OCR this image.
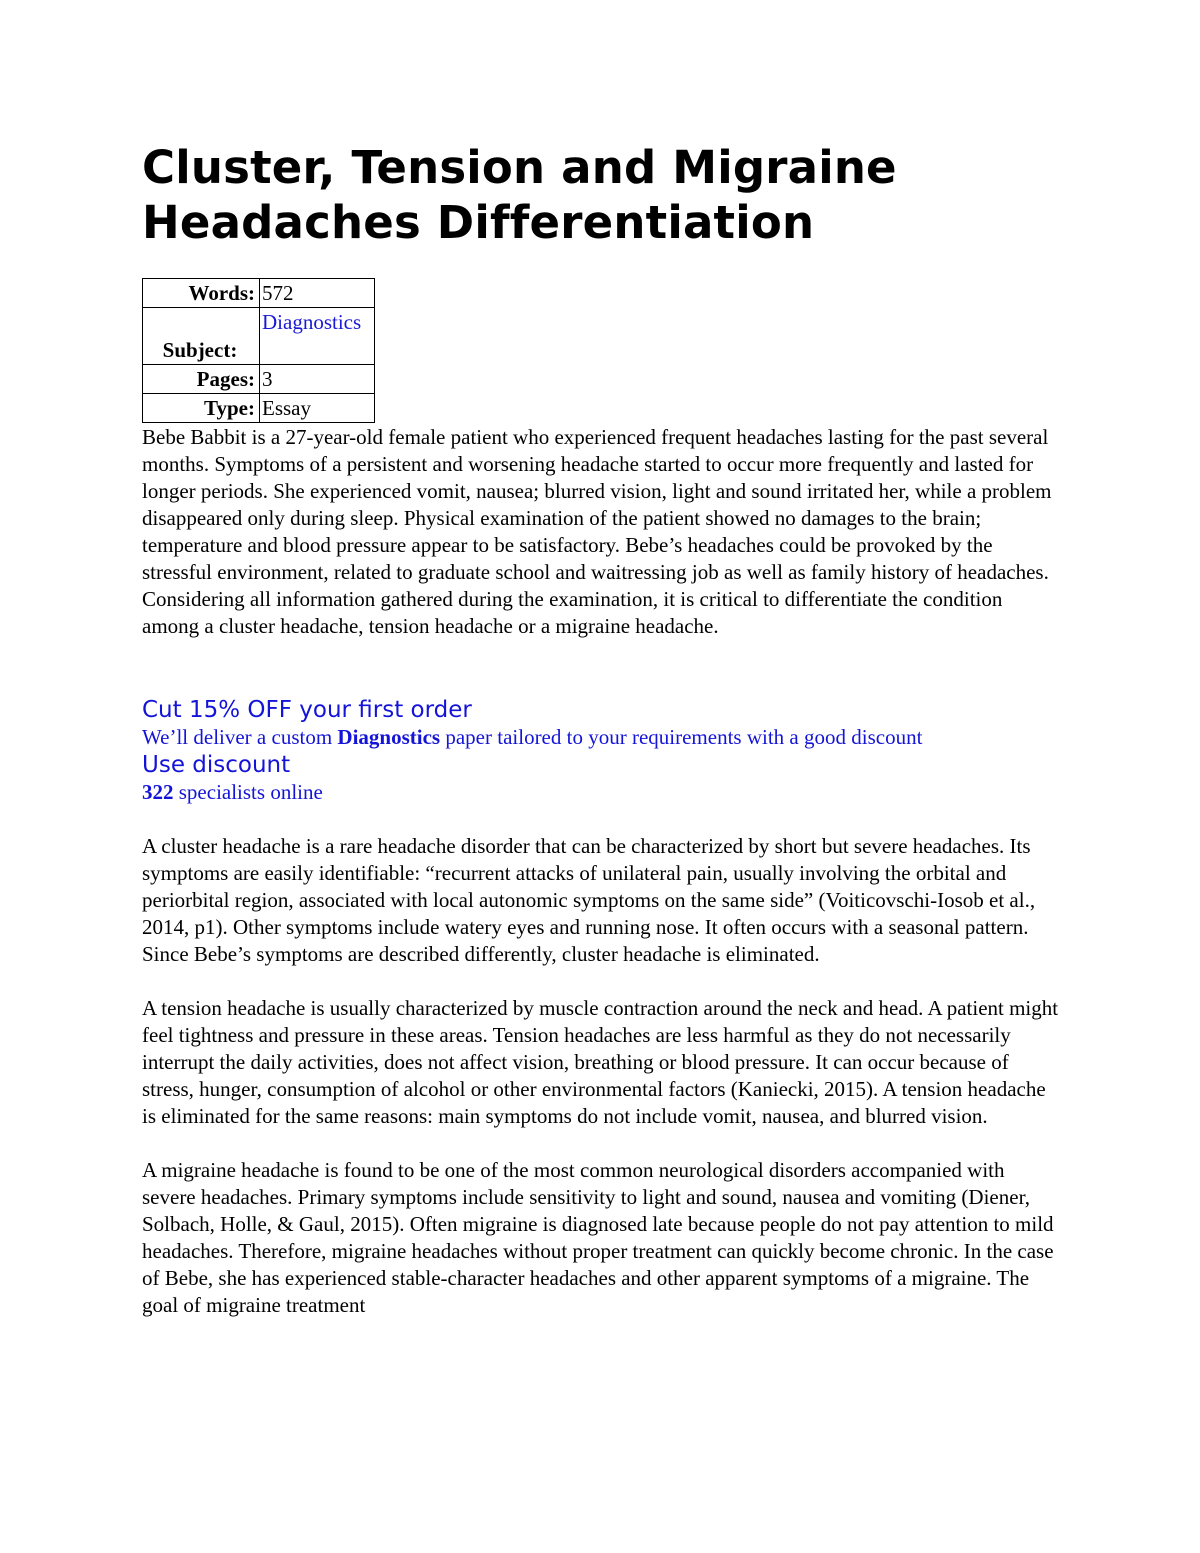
Cluster, Tension and Migraine Headaches Differentiation
Words:	572
Subject:	Diagnostics
Pages:	3
Type:	Essay

Bebe Babbit is a 27-year-old female patient who experienced frequent headaches lasting for the past several months. Symptoms of a persistent and worsening headache started to occur more frequently and lasted for longer periods. She experienced vomit, nausea; blurred vision, light and sound irritated her, while a problem disappeared only during sleep. Physical examination of the patient showed no damages to the brain; temperature and blood pressure appear to be satisfactory. Bebe’s headaches could be provoked by the stressful environment, related to graduate school and waitressing job as well as family history of headaches. Considering all information gathered during the examination, it is critical to differentiate the condition among a cluster headache, tension headache or a migraine headache.

Cut 15% OFF your first order
We’ll deliver a custom Diagnostics paper tailored to your requirements with a good discount
Use discount
322 specialists online

A cluster headache is a rare headache disorder that can be characterized by short but severe headaches. Its symptoms are easily identifiable: “recurrent attacks of unilateral pain, usually involving the orbital and periorbital region, associated with local autonomic symptoms on the same side” (Voiticovschi-Iosob et al., 2014, p1). Other symptoms include watery eyes and running nose. It often occurs with a seasonal pattern. Since Bebe’s symptoms are described differently, cluster headache is eliminated.

A tension headache is usually characterized by muscle contraction around the neck and head. A patient might feel tightness and pressure in these areas. Tension headaches are less harmful as they do not necessarily interrupt the daily activities, does not affect vision, breathing or blood pressure. It can occur because of stress, hunger, consumption of alcohol or other environmental factors (Kaniecki, 2015). A tension headache is eliminated for the same reasons: main symptoms do not include vomit, nausea, and blurred vision.

A migraine headache is found to be one of the most common neurological disorders accompanied with severe headaches. Primary symptoms include sensitivity to light and sound, nausea and vomiting (Diener, Solbach, Holle, & Gaul, 2015). Often migraine is diagnosed late because people do not pay attention to mild headaches. Therefore, migraine headaches without proper treatment can quickly become chronic. In the case of Bebe, she has experienced stable-character headaches and other apparent symptoms of a migraine. The goal of migraine treatment
